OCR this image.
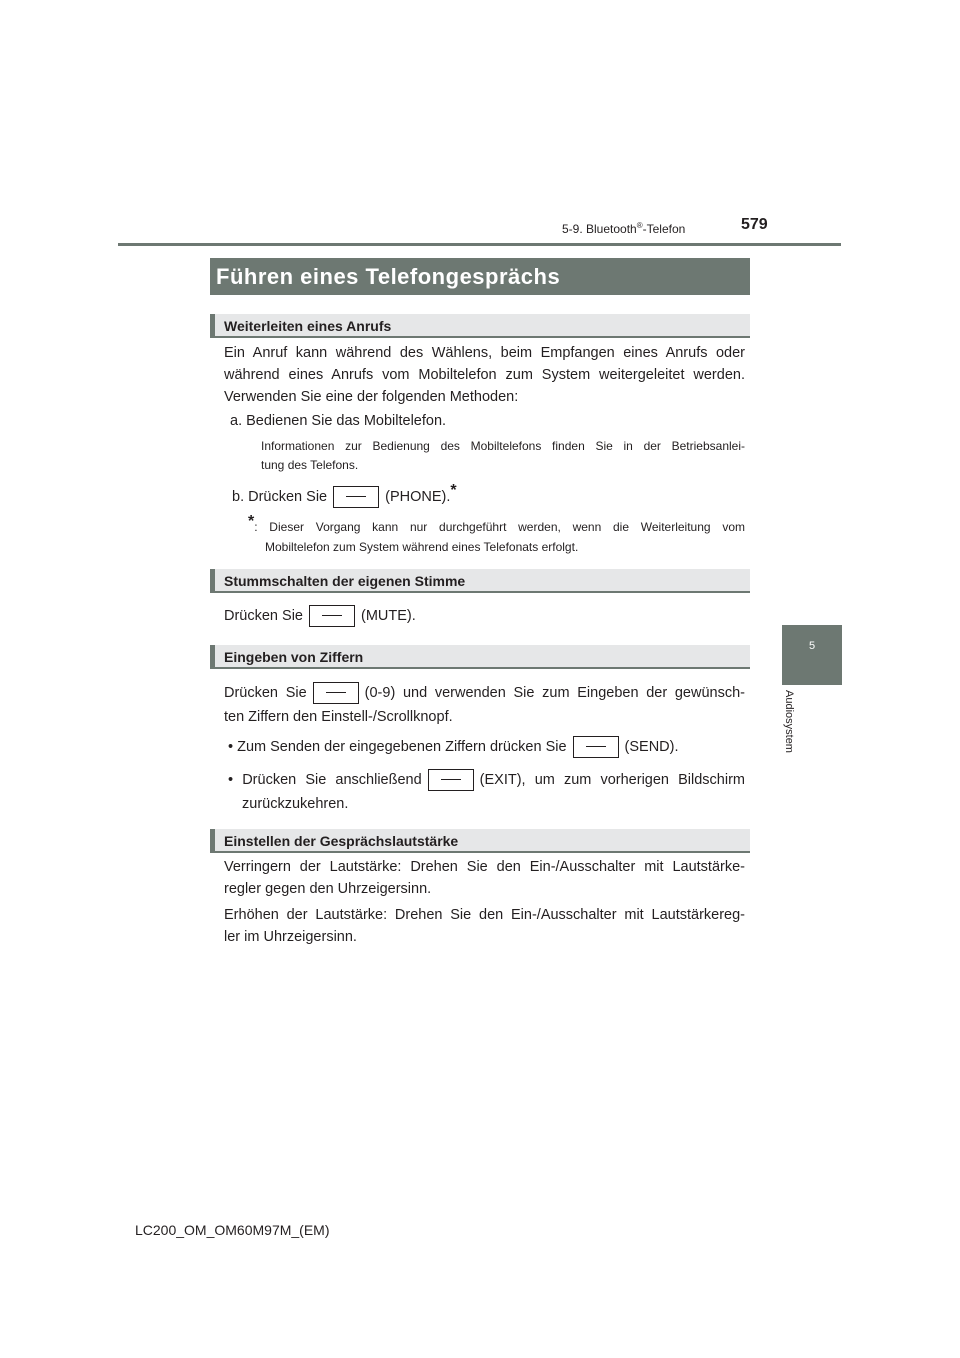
5-9. Bluetooth®-Telefon	579
5
Audiosystem
Führen eines Telefongesprächs
Weiterleiten eines Anrufs
Ein Anruf kann während des Wählens, beim Empfangen eines Anrufs oder während eines Anrufs vom Mobiltelefon zum System weitergeleitet werden. Verwenden Sie eine der folgenden Methoden:
a. Bedienen Sie das Mobiltelefon.
Informationen zur Bedienung des Mobiltelefons finden Sie in der Betriebsanlei-
tung des Telefons.
b. Drücken Sie	(PHONE).*
*: Dieser Vorgang kann nur durchgeführt werden, wenn die Weiterleitung vom
Mobiltelefon zum System während eines Telefonats erfolgt.
Stummschalten der eigenen Stimme
Drücken Sie	(MUTE).
Eingeben von Ziffern
Drücken Sie	(0-9) und verwenden Sie zum Eingeben der gewünsch-
ten Ziffern den Einstell-/Scrollknopf.
• Zum Senden der eingegebenen Ziffern drücken Sie	(SEND).
• Drücken Sie anschließend	(EXIT), um zum vorherigen Bildschirm
zurückzukehren.
Einstellen der Gesprächslautstärke
Verringern der Lautstärke: Drehen Sie den Ein-/Ausschalter mit Lautstärke-
regler gegen den Uhrzeigersinn.
Erhöhen der Lautstärke: Drehen Sie den Ein-/Ausschalter mit Lautstärkereg-
ler im Uhrzeigersinn.
LC200_OM_OM60M97M_(EM)
